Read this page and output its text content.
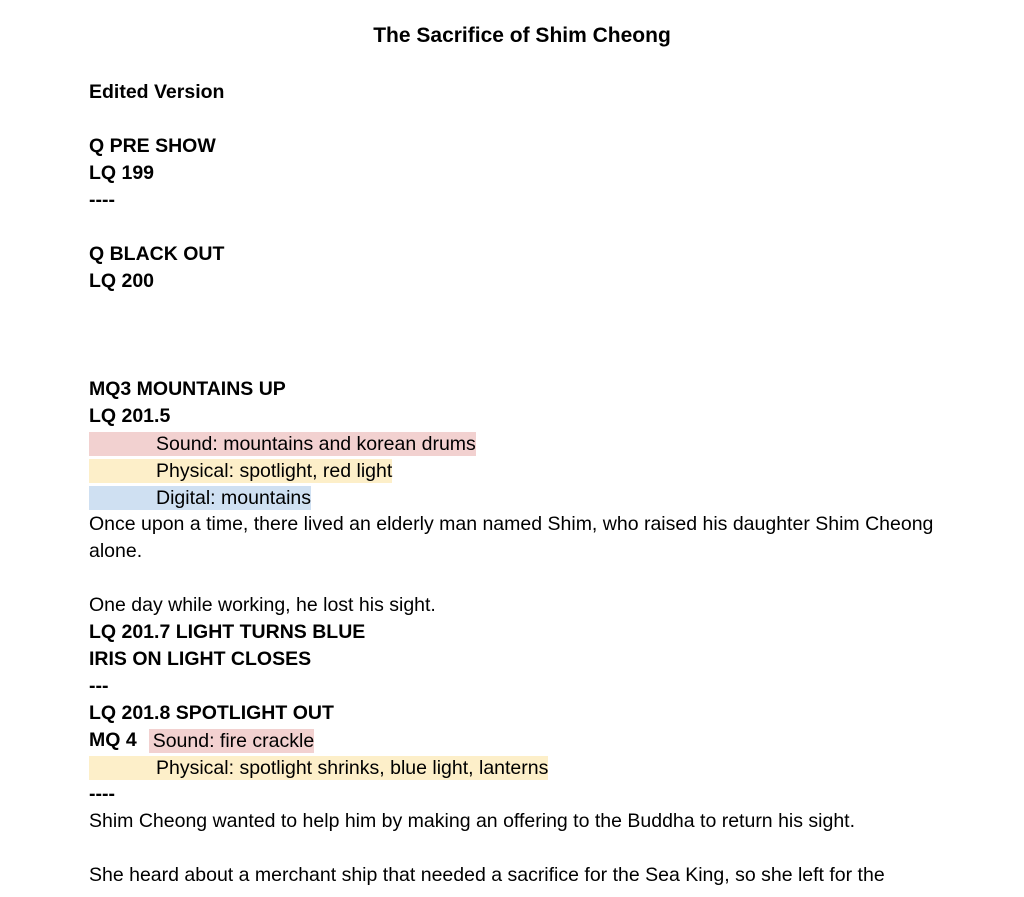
The Sacrifice of Shim Cheong
Edited Version
Q PRE SHOW
LQ 199
----
Q BLACK OUT
LQ 200
MQ3 MOUNTAINS UP
LQ 201.5
Sound: mountains and korean drums
Physical: spotlight, red light
Digital: mountains
Once upon a time, there lived an elderly man named Shim, who raised his daughter Shim Cheong alone.
One day while working, he lost his sight.
LQ 201.7 LIGHT TURNS BLUE
IRIS ON LIGHT CLOSES
---
LQ 201.8 SPOTLIGHT OUT
MQ 4 Sound: fire crackle
Physical: spotlight shrinks, blue light, lanterns
----
Shim Cheong wanted to help him by making an offering to the Buddha to return his sight.
She heard about a merchant ship that needed a sacrifice for the Sea King, so she left for the
